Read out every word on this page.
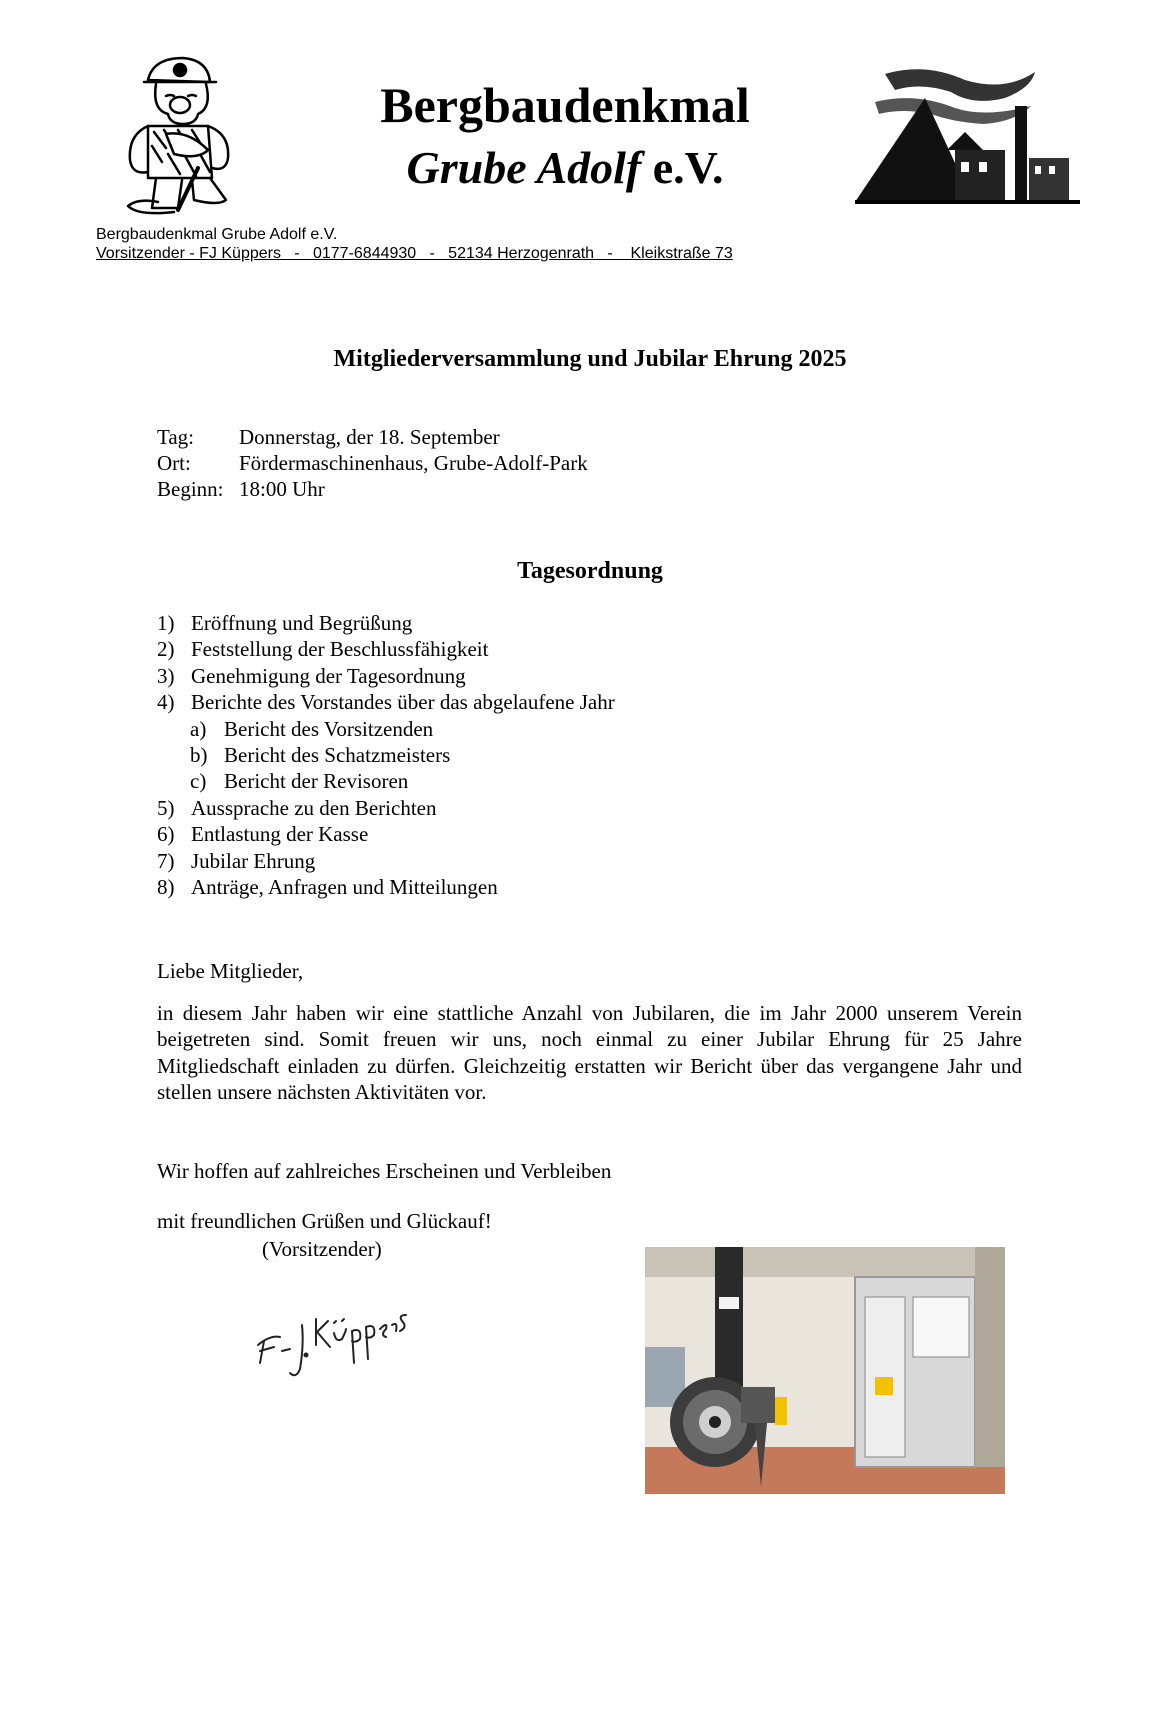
Bergbaudenkmal
Grube Adolf e.V.
Bergbaudenkmal Grube Adolf e.V.
Vorsitzender - FJ Küppers   -   0177-6844930   -   52134 Herzogenrath   -    Kleikstraße 73
Mitgliederversammlung und Jubilar Ehrung 2025
Tag: Donnerstag, der 18. September
Ort: Fördermaschinenhaus, Grube-Adolf-Park
Beginn: 18:00 Uhr
Tagesordnung
1) Eröffnung und Begrüßung
2) Feststellung der Beschlussfähigkeit
3) Genehmigung der Tagesordnung
4) Berichte des Vorstandes über das abgelaufene Jahr
a) Bericht des Vorsitzenden
b) Bericht des Schatzmeisters
c) Bericht der Revisoren
5) Aussprache zu den Berichten
6) Entlastung der Kasse
7) Jubilar Ehrung
8) Anträge, Anfragen und Mitteilungen
Liebe Mitglieder,
in diesem Jahr haben wir eine stattliche Anzahl von Jubilaren, die im Jahr 2000 unserem Verein beigetreten sind. Somit freuen wir uns, noch einmal zu einer Jubilar Ehrung für 25 Jahre Mitgliedschaft einladen zu dürfen. Gleichzeitig erstatten wir Bericht über das vergangene Jahr und stellen unsere nächsten Aktivitäten vor.
Wir hoffen auf zahlreiches Erscheinen und Verbleiben
mit freundlichen Grüßen und Glückauf!
(Vorsitzender)
